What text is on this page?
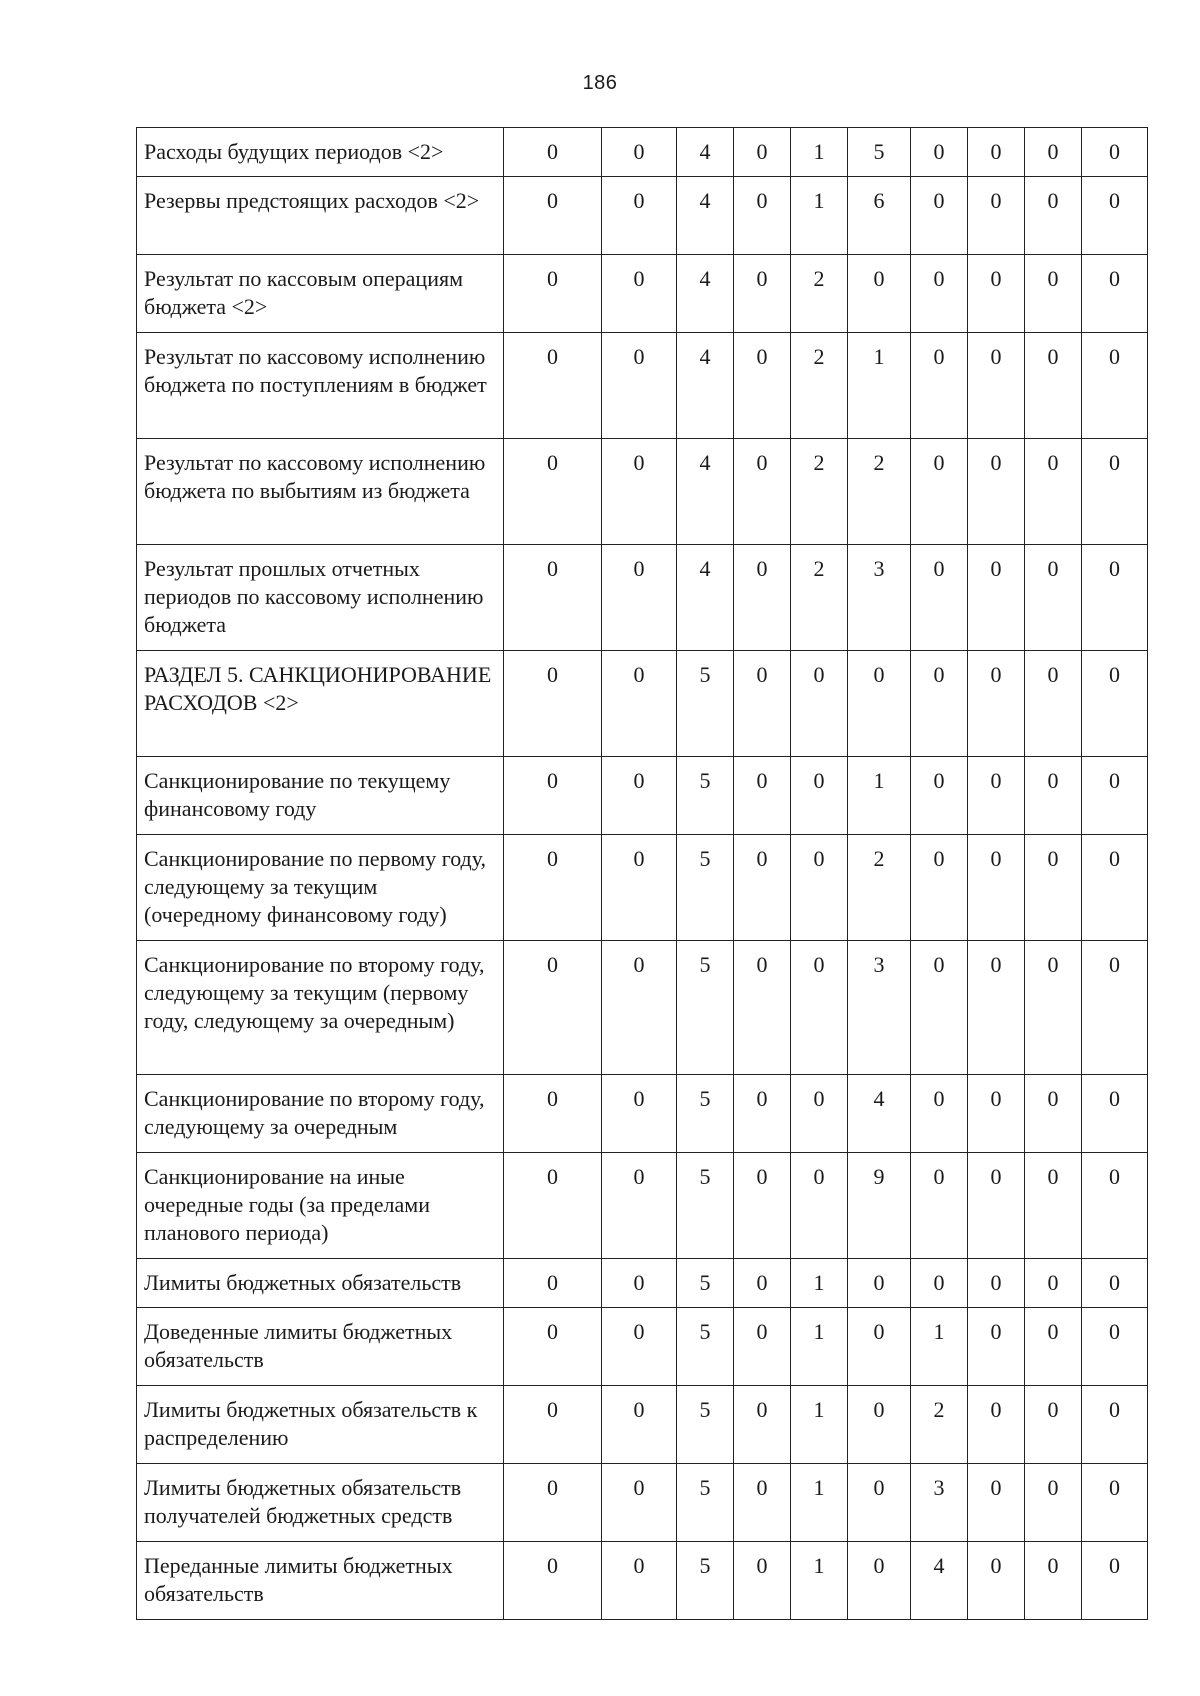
186
Расходы будущих периодов <2>	0	0	4	0	1	5	0	0	0	0
Резервы предстоящих расходов <2>	0	0	4	0	1	6	0	0	0	0
Результат по кассовым операциям бюджета <2>	0	0	4	0	2	0	0	0	0	0
Результат по кассовому исполнению бюджета по поступлениям в бюджет	0	0	4	0	2	1	0	0	0	0
Результат по кассовому исполнению бюджета по выбытиям из бюджета	0	0	4	0	2	2	0	0	0	0
Результат прошлых отчетных периодов по кассовому исполнению бюджета	0	0	4	0	2	3	0	0	0	0
РАЗДЕЛ 5. САНКЦИОНИРОВАНИЕ РАСХОДОВ <2>	0	0	5	0	0	0	0	0	0	0
Санкционирование по текущему финансовому году	0	0	5	0	0	1	0	0	0	0
Санкционирование по первому году, следующему за текущим (очередному финансовому году)	0	0	5	0	0	2	0	0	0	0
Санкционирование по второму году, следующему за текущим (первому году, следующему за очередным)	0	0	5	0	0	3	0	0	0	0
Санкционирование по второму году, следующему за очередным	0	0	5	0	0	4	0	0	0	0
Санкционирование на иные очередные годы (за пределами планового периода)	0	0	5	0	0	9	0	0	0	0
Лимиты бюджетных обязательств	0	0	5	0	1	0	0	0	0	0
Доведенные лимиты бюджетных обязательств	0	0	5	0	1	0	1	0	0	0
Лимиты бюджетных обязательств к распределению	0	0	5	0	1	0	2	0	0	0
Лимиты бюджетных обязательств получателей бюджетных средств	0	0	5	0	1	0	3	0	0	0
Переданные лимиты бюджетных обязательств	0	0	5	0	1	0	4	0	0	0
